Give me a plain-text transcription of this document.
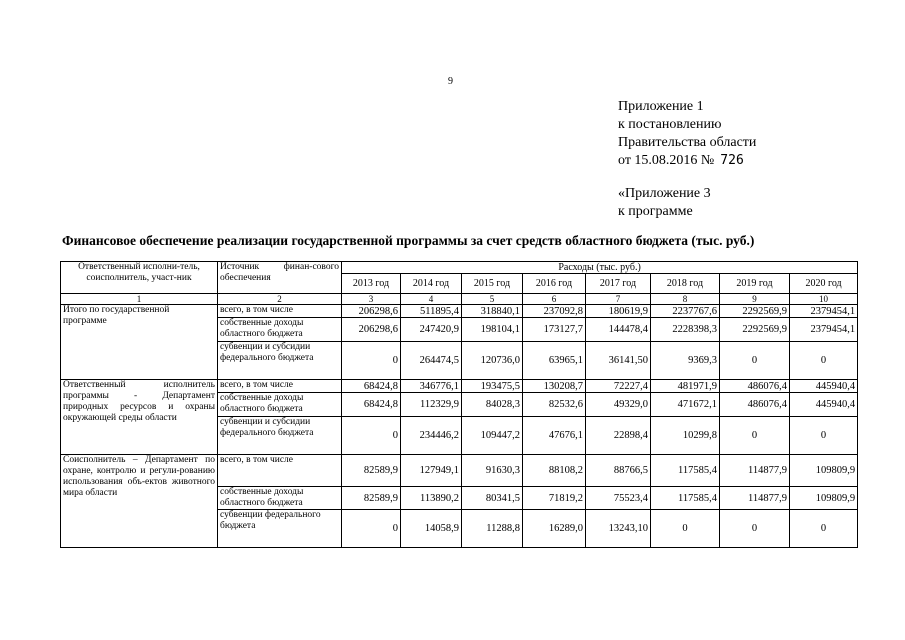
9
Приложение 1
к постановлению
Правительства области
от 15.08.2016 № 726
«Приложение 3
к программе
Финансовое обеспечение реализации государственной программы за счет средств областного бюджета (тыс. руб.)
Ответственный исполни-тель, соисполнитель, участ-ник	Источник финан-сового обеспечения	Расходы (тыс. руб.)							
		2013 год	2014 год	2015 год	2016 год	2017 год	2018 год	2019 год	2020 год
1	2	3	4	5	6	7	8	9	10
Итого по государственной программе	всего, в том числе	206298,6	511895,4	318840,1	237092,8	180619,9	2237767,6	2292569,9	2379454,1
	собственные доходы областного бюджета	206298,6	247420,9	198104,1	173127,7	144478,4	2228398,3	2292569,9	2379454,1
	субвенции и субсидии федерального бюджета	0	264474,5	120736,0	63965,1	36141,50	9369,3	0	0
Ответственный исполнитель программы - Департамент природных ресурсов и охраны окружающей среды области	всего, в том числе	68424,8	346776,1	193475,5	130208,7	72227,4	481971,9	486076,4	445940,4
	собственные доходы областного бюджета	68424,8	112329,9	84028,3	82532,6	49329,0	471672,1	486076,4	445940,4
	субвенции и субсидии федерального бюджета	0	234446,2	109447,2	47676,1	22898,4	10299,8	0	0
Соисполнитель – Департамент по охране, контролю и регули-рованию использования объ-ектов животного мира области	всего, в том числе	82589,9	127949,1	91630,3	88108,2	88766,5	117585,4	114877,9	109809,9
	собственные доходы областного бюджета	82589,9	113890,2	80341,5	71819,2	75523,4	117585,4	114877,9	109809,9
	субвенции федерального бюджета	0	14058,9	11288,8	16289,0	13243,10	0	0	0
